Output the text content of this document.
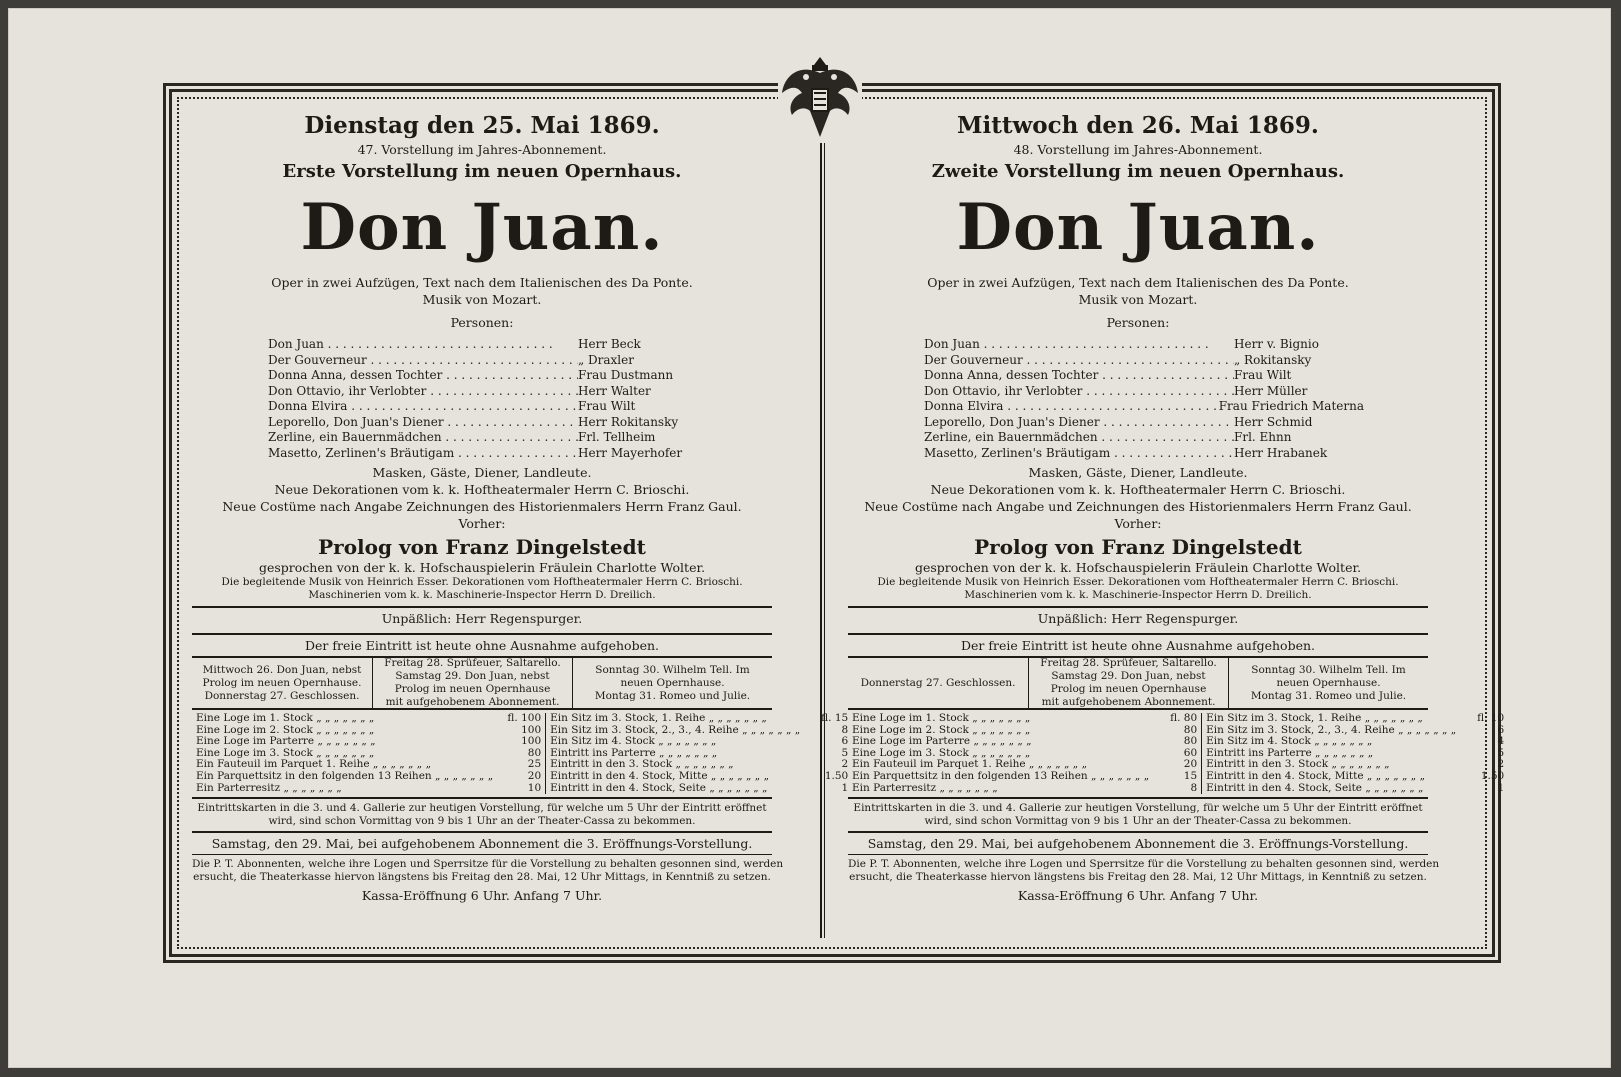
Dienstag den 25. Mai 1869.
47. Vorstellung im Jahres-Abonnement.
Erste Vorstellung im neuen Opernhaus.
Don Juan.
Oper in zwei Aufzügen, Text nach dem Italienischen des Da Ponte.
Musik von Mozart.
Personen:
Don Juan . . .	Herr Beck
Der Gouverneur . . .	„ Draxler
Donna Anna, dessen Tochter . . .	Frau Dustmann
Don Ottavio, ihr Verlobter . . .	Herr Walter
Donna Elvira . . .	Frau Wilt
Leporello, Don Juan's Diener . . .	Herr Rokitansky
Zerline, ein Bauernmädchen . . .	Frl. Tellheim
Masetto, Zerlinen's Bräutigam . . .	Herr Mayerhofer
Masken, Gäste, Diener, Landleute.
Neue Dekorationen vom k. k. Hoftheatermaler Herrn C. Brioschi.
Neue Costüme nach Angabe Zeichnungen des Historienmalers Herrn Franz Gaul.
Vorher:
Prolog von Franz Dingelstedt
gesprochen von der k. k. Hofschauspielerin Fräulein Charlotte Wolter.
Die begleitende Musik von Heinrich Esser. Dekorationen vom Hoftheatermaler Herrn C. Brioschi.
Maschinerien vom k. k. Maschinerie-Inspector Herrn D. Dreilich.
Unpäßlich: Herr Regenspurger.
Der freie Eintritt ist heute ohne Ausnahme aufgehoben.
Mittwoch 26. Don Juan, nebst
Prolog im neuen Opernhause.
Donnerstag 27. Geschlossen.
Freitag 28. Sprüfeuer, Saltarello.
Samstag 29. Don Juan, nebst
Prolog im neuen Opernhause
mit aufgehobenem Abonnement.
Sonntag 30. Wilhelm Tell. Im
neuen Opernhause.
Montag 31. Romeo und Julie.
Eine Loge im 1. Stock „ „ „ „ „ „ „	fl. 100
Eine Loge im 2. Stock „ „ „ „ „ „ „	100
Eine Loge im Parterre „ „ „ „ „ „ „	100
Eine Loge im 3. Stock „ „ „ „ „ „ „	80
Ein Fauteuil im Parquet 1. Reihe „ „ „ „ „ „ „	25
Ein Parquettsitz in den folgenden 13 Reihen „ „ „ „ „ „ „	20
Ein Parterresitz „ „ „ „ „ „ „	10
Ein Sitz im 3. Stock, 1. Reihe „ „ „ „ „ „ „	fl. 15
Ein Sitz im 3. Stock, 2., 3., 4. Reihe „ „ „ „ „ „ „	8
Ein Sitz im 4. Stock „ „ „ „ „ „ „	6
Eintritt ins Parterre „ „ „ „ „ „ „	5
Eintritt in den 3. Stock „ „ „ „ „ „ „	2
Eintritt in den 4. Stock, Mitte „ „ „ „ „ „ „	1.50
Eintritt in den 4. Stock, Seite „ „ „ „ „ „ „	1
Eintrittskarten in die 3. und 4. Gallerie zur heutigen Vorstellung, für welche um 5 Uhr der Eintritt eröffnet
wird, sind schon Vormittag von 9 bis 1 Uhr an der Theater-Cassa zu bekommen.
Samstag, den 29. Mai, bei aufgehobenem Abonnement die 3. Eröffnungs-Vorstellung.
Die P. T. Abonnenten, welche ihre Logen und Sperrsitze für die Vorstellung zu behalten gesonnen sind, werden
ersucht, die Theaterkasse hiervon längstens bis Freitag den 28. Mai, 12 Uhr Mittags, in Kenntniß zu setzen.
Kassa-Eröffnung 6 Uhr. Anfang 7 Uhr.
Mittwoch den 26. Mai 1869.
48. Vorstellung im Jahres-Abonnement.
Zweite Vorstellung im neuen Opernhaus.
Don Juan.
Oper in zwei Aufzügen, Text nach dem Italienischen des Da Ponte.
Musik von Mozart.
Personen:
Don Juan . . .	Herr v. Bignio
Der Gouverneur . . .	„ Rokitansky
Donna Anna, dessen Tochter . . .	Frau Wilt
Don Ottavio, ihr Verlobter . . .	Herr Müller
Donna Elvira . . .	Frau Friedrich Materna
Leporello, Don Juan's Diener . . .	Herr Schmid
Zerline, ein Bauernmädchen . . .	Frl. Ehnn
Masetto, Zerlinen's Bräutigam . . .	Herr Hrabanek
Masken, Gäste, Diener, Landleute.
Neue Dekorationen vom k. k. Hoftheatermaler Herrn C. Brioschi.
Neue Costüme nach Angabe und Zeichnungen des Historienmalers Herrn Franz Gaul.
Vorher:
Prolog von Franz Dingelstedt
gesprochen von der k. k. Hofschauspielerin Fräulein Charlotte Wolter.
Die begleitende Musik von Heinrich Esser. Dekorationen vom Hoftheatermaler Herrn C. Brioschi.
Maschinerien vom k. k. Maschinerie-Inspector Herrn D. Dreilich.
Unpäßlich: Herr Regenspurger.
Der freie Eintritt ist heute ohne Ausnahme aufgehoben.
Donnerstag 27. Geschlossen.
Freitag 28. Sprüfeuer, Saltarello.
Samstag 29. Don Juan, nebst
Prolog im neuen Opernhause
mit aufgehobenem Abonnement.
Sonntag 30. Wilhelm Tell. Im
neuen Opernhause.
Montag 31. Romeo und Julie.
Eine Loge im 1. Stock „ „ „ „ „ „ „	fl. 80
Eine Loge im 2. Stock „ „ „ „ „ „ „	80
Eine Loge im Parterre „ „ „ „ „ „ „	80
Eine Loge im 3. Stock „ „ „ „ „ „ „	60
Ein Fauteuil im Parquet 1. Reihe „ „ „ „ „ „ „	20
Ein Parquettsitz in den folgenden 13 Reihen „ „ „ „ „ „ „	15
Ein Parterresitz „ „ „ „ „ „ „	8
Ein Sitz im 3. Stock, 1. Reihe „ „ „ „ „ „ „	fl. 10
Ein Sitz im 3. Stock, 2., 3., 4. Reihe „ „ „ „ „ „ „	6
Ein Sitz im 4. Stock „ „ „ „ „ „ „	4
Eintritt ins Parterre „ „ „ „ „ „ „	5
Eintritt in den 3. Stock „ „ „ „ „ „ „	2
Eintritt in den 4. Stock, Mitte „ „ „ „ „ „ „	1.50
Eintritt in den 4. Stock, Seite „ „ „ „ „ „ „	1
Eintrittskarten in die 3. und 4. Gallerie zur heutigen Vorstellung, für welche um 5 Uhr der Eintritt eröffnet
wird, sind schon Vormittag von 9 bis 1 Uhr an der Theater-Cassa zu bekommen.
Samstag, den 29. Mai, bei aufgehobenem Abonnement die 3. Eröffnungs-Vorstellung.
Die P. T. Abonnenten, welche ihre Logen und Sperrsitze für die Vorstellung zu behalten gesonnen sind, werden
ersucht, die Theaterkasse hiervon längstens bis Freitag den 28. Mai, 12 Uhr Mittags, in Kenntniß zu setzen.
Kassa-Eröffnung 6 Uhr. Anfang 7 Uhr.
